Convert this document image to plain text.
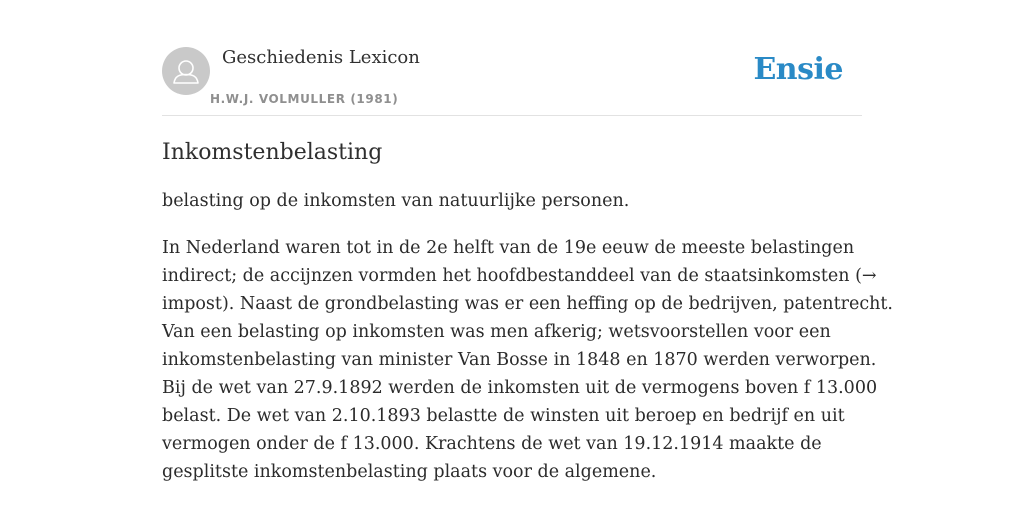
Geschiedenis Lexicon
H.W.J. VOLMULLER (1981)
Ensie
Inkomstenbelasting

belasting op de inkomsten van natuurlijke personen.

In Nederland waren tot in de 2e helft van de 19e eeuw de meeste belastingen
indirect; de accijnzen vormden het hoofdbestanddeel van de staatsinkomsten (→
impost). Naast de grondbelasting was er een heffing op de bedrijven, patentrecht.
Van een belasting op inkomsten was men afkerig; wetsvoorstellen voor een
inkomstenbelasting van minister Van Bosse in 1848 en 1870 werden verworpen.
Bij de wet van 27.9.1892 werden de inkomsten uit de vermogens boven f 13.000
belast. De wet van 2.10.1893 belastte de winsten uit beroep en bedrijf en uit
vermogen onder de f 13.000. Krachtens de wet van 19.12.1914 maakte de
gesplitste inkomstenbelasting plaats voor de algemene.
